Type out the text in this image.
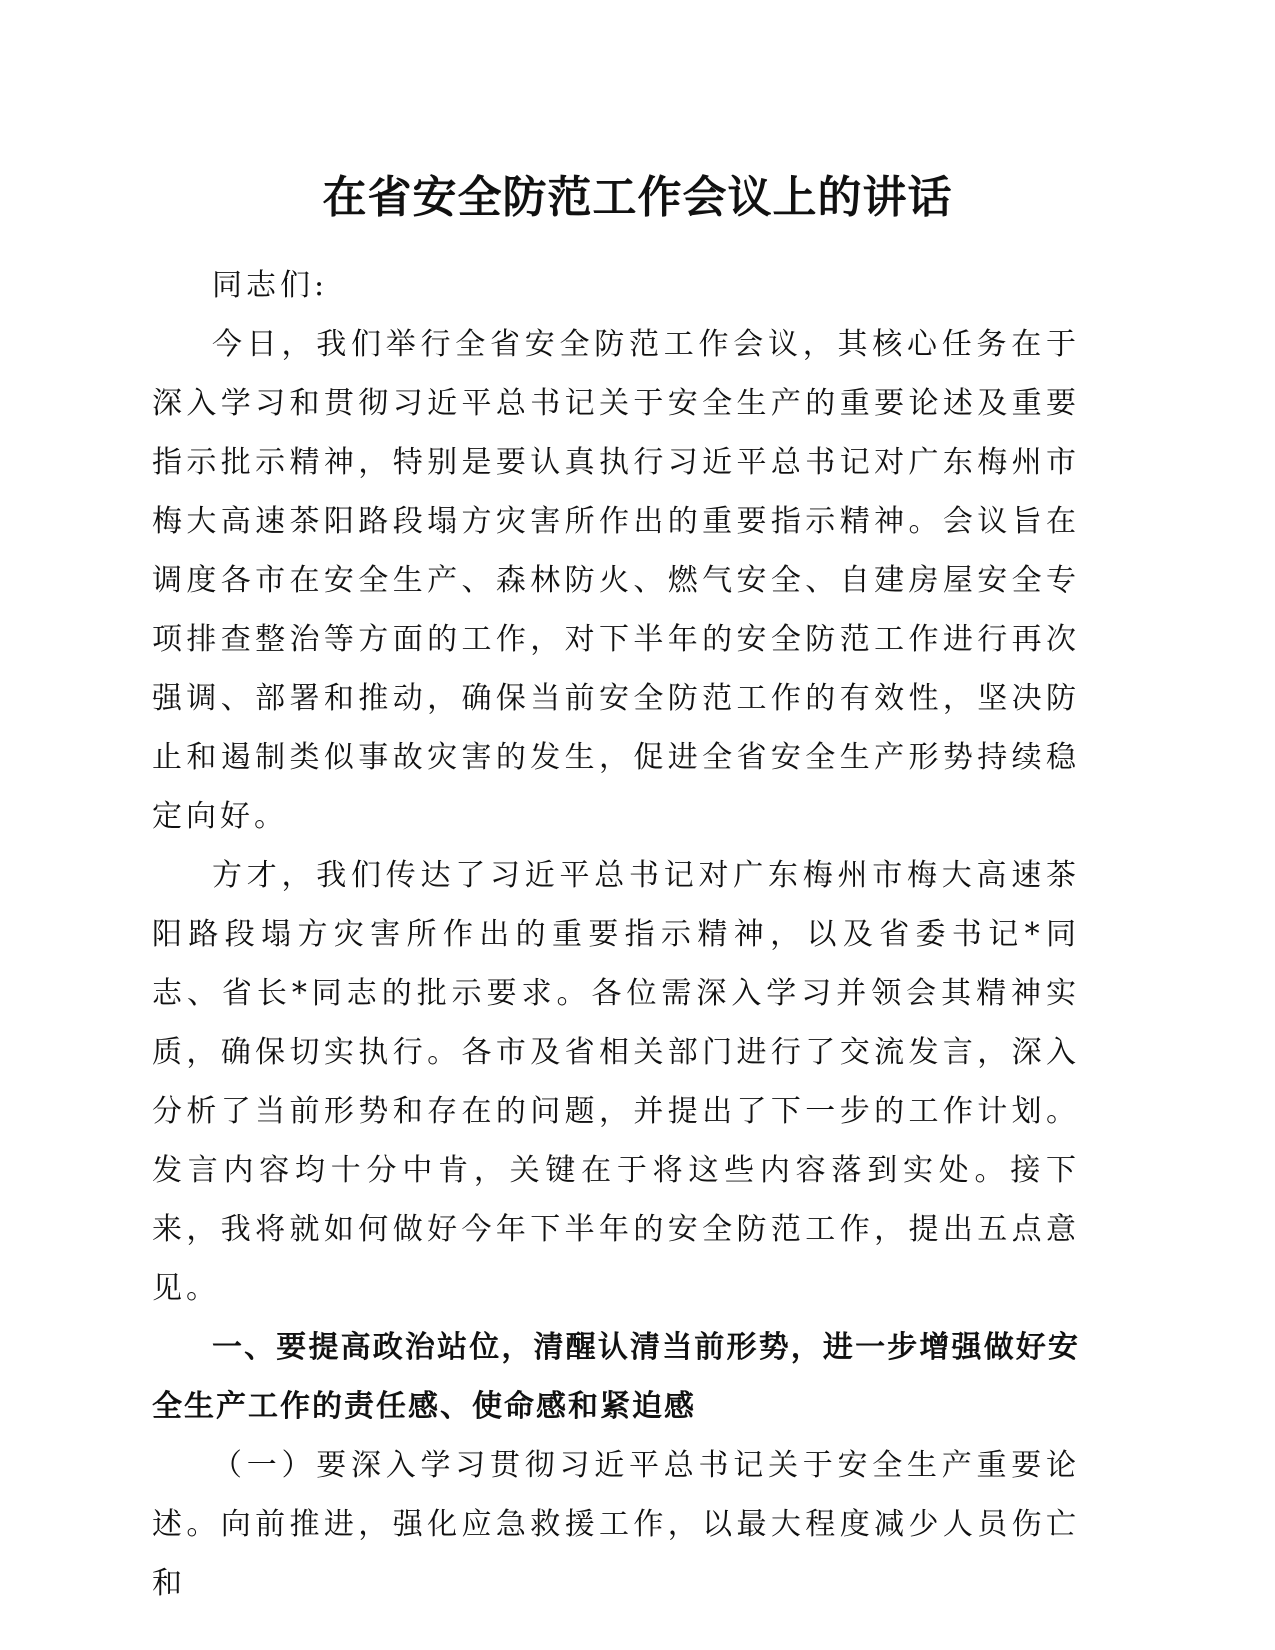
在省安全防范工作会议上的讲话

同志们:

今日，我们举行全省安全防范工作会议，其核心任务在于深入学习和贯彻习近平总书记关于安全生产的重要论述及重要指示批示精神，特别是要认真执行习近平总书记对广东梅州市梅大高速茶阳路段塌方灾害所作出的重要指示精神。会议旨在调度各市在安全生产、森林防火、燃气安全、自建房屋安全专项排查整治等方面的工作，对下半年的安全防范工作进行再次强调、部署和推动，确保当前安全防范工作的有效性，坚决防止和遏制类似事故灾害的发生，促进全省安全生产形势持续稳定向好。

方才，我们传达了习近平总书记对广东梅州市梅大高速茶阳路段塌方灾害所作出的重要指示精神，以及省委书记*同志、省长*同志的批示要求。各位需深入学习并领会其精神实质，确保切实执行。各市及省相关部门进行了交流发言，深入分析了当前形势和存在的问题，并提出了下一步的工作计划。发言内容均十分中肯，关键在于将这些内容落到实处。接下来，我将就如何做好今年下半年的安全防范工作，提出五点意见。

一、要提高政治站位，清醒认清当前形势，进一步增强做好安全生产工作的责任感、使命感和紧迫感

（一）要深入学习贯彻习近平总书记关于安全生产重要论述。向前推进，强化应急救援工作，以最大程度减少人员伤亡和
